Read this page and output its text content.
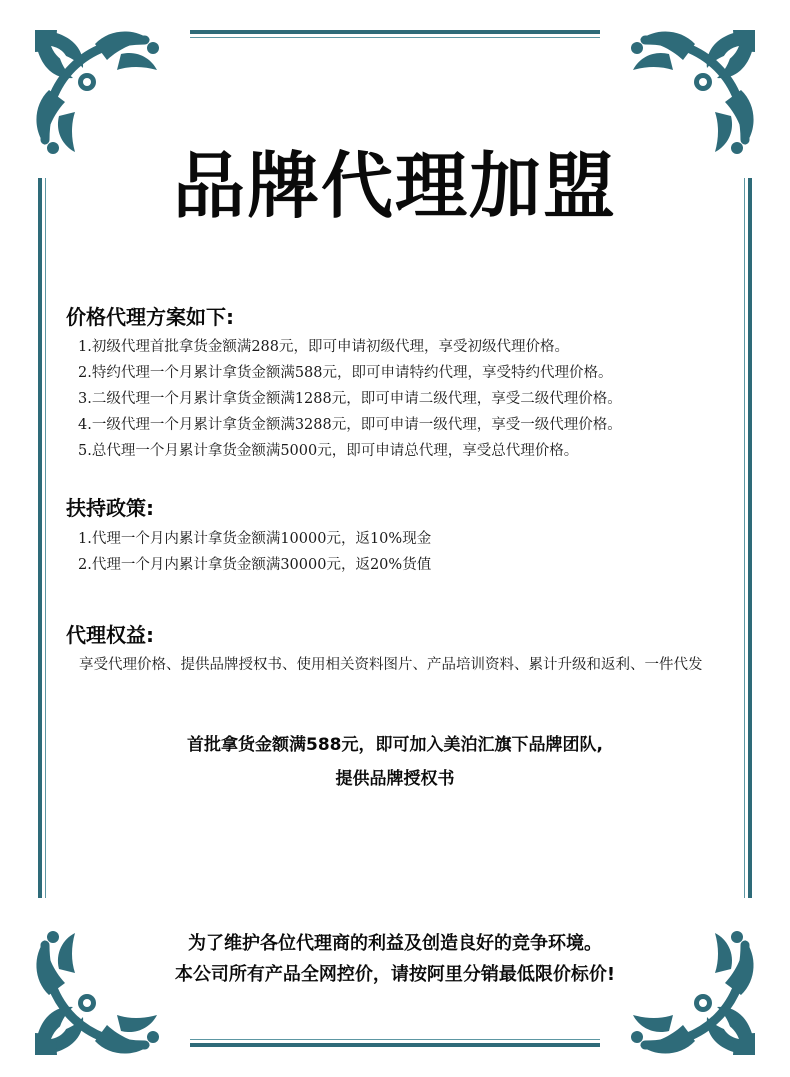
品牌代理加盟
价格代理方案如下:
1.初级代理首批拿货金额满288元，即可申请初级代理，享受初级代理价格。
2.特约代理一个月累计拿货金额满588元，即可申请特约代理，享受特约代理价格。
3.二级代理一个月累计拿货金额满1288元，即可申请二级代理，享受二级代理价格。
4.一级代理一个月累计拿货金额满3288元，即可申请一级代理，享受一级代理价格。
5.总代理一个月累计拿货金额满5000元，即可申请总代理，享受总代理价格。
扶持政策:
1.代理一个月内累计拿货金额满10000元，返10%现金
2.代理一个月内累计拿货金额满30000元，返20%货值
代理权益:
享受代理价格、提供品牌授权书、使用相关资料图片、产品培训资料、累计升级和返利、一件代发
首批拿货金额满588元，即可加入美泊汇旗下品牌团队,
提供品牌授权书
为了维护各位代理商的利益及创造良好的竞争环境。
本公司所有产品全网控价，请按阿里分销最低限价标价!
